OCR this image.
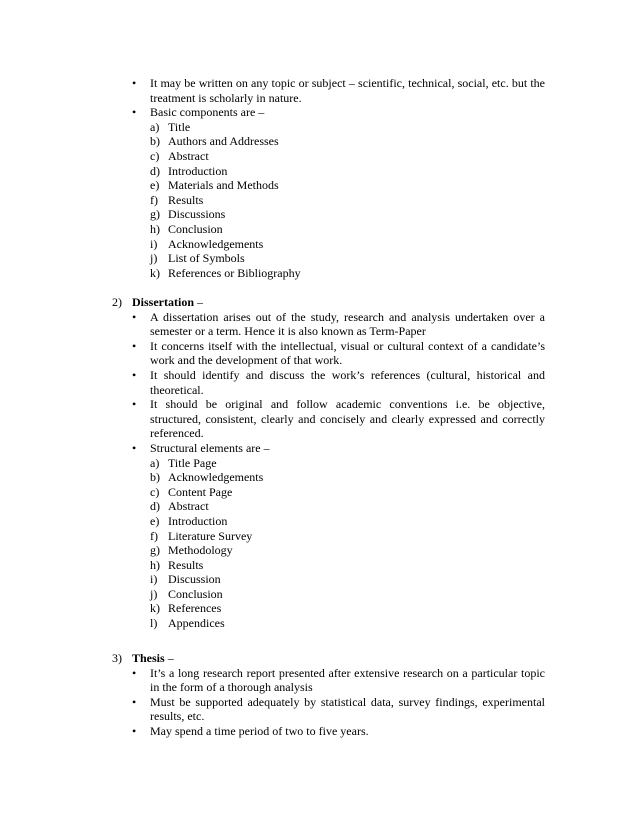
• It may be written on any topic or subject – scientific, technical, social, etc. but the treatment is scholarly in nature.
• Basic components are –
a) Title
b) Authors and Addresses
c) Abstract
d) Introduction
e) Materials and Methods
f) Results
g) Discussions
h) Conclusion
i) Acknowledgements
j) List of Symbols
k) References or Bibliography
2) Dissertation –
• A dissertation arises out of the study, research and analysis undertaken over a semester or a term. Hence it is also known as Term-Paper
• It concerns itself with the intellectual, visual or cultural context of a candidate’s work and the development of that work.
• It should identify and discuss the work’s references (cultural, historical and theoretical.
• It should be original and follow academic conventions i.e. be objective, structured, consistent, clearly and concisely and clearly expressed and correctly referenced.
• Structural elements are –
a) Title Page
b) Acknowledgements
c) Content Page
d) Abstract
e) Introduction
f) Literature Survey
g) Methodology
h) Results
i) Discussion
j) Conclusion
k) References
l) Appendices
3) Thesis –
• It’s a long research report presented after extensive research on a particular topic in the form of a thorough analysis
• Must be supported adequately by statistical data, survey findings, experimental results, etc.
• May spend a time period of two to five years.
